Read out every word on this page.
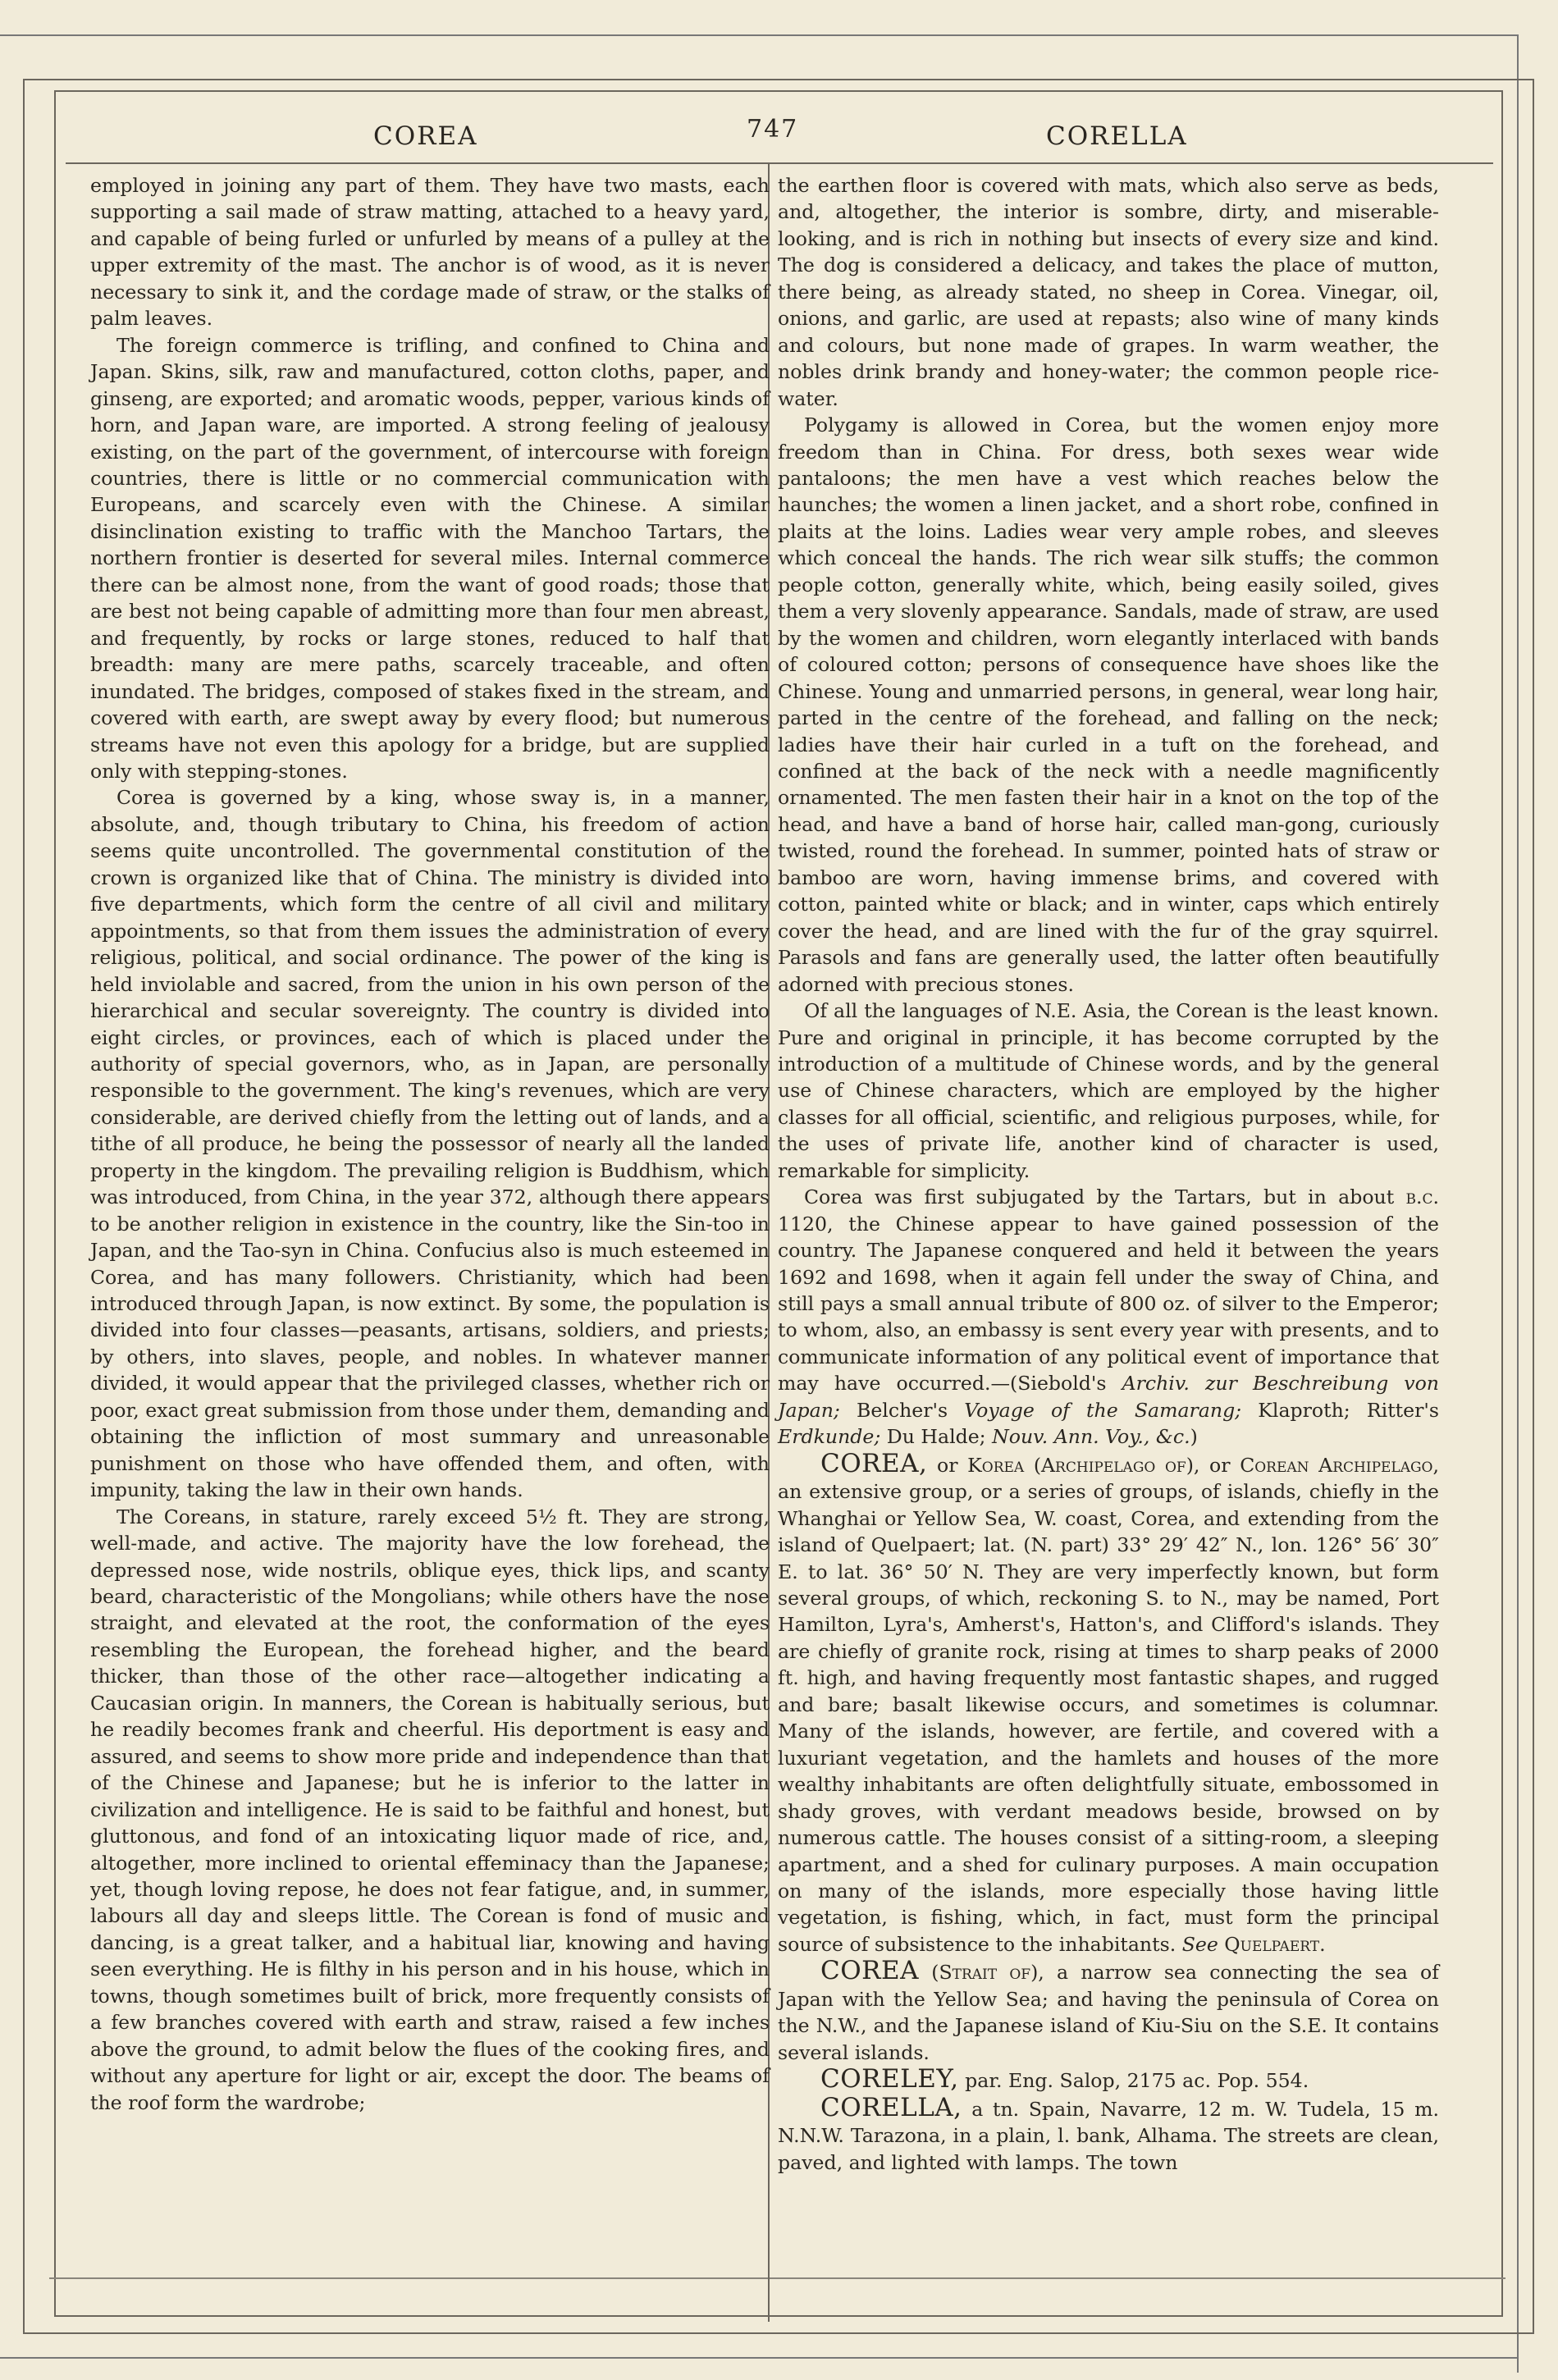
COREA	747	CORELLA

employed in joining any part of them. They have two masts, each supporting a sail made of straw matting, attached to a heavy yard, and capable of being furled or unfurled by means of a pulley at the upper extremity of the mast. The anchor is of wood, as it is never necessary to sink it, and the cordage made of straw, or the stalks of palm leaves.

The foreign commerce is trifling, and confined to China and Japan. Skins, silk, raw and manufactured, cotton cloths, paper, and ginseng, are exported; and aromatic woods, pepper, various kinds of horn, and Japan ware, are imported. A strong feeling of jealousy existing, on the part of the government, of intercourse with foreign countries, there is little or no commercial communication with Europeans, and scarcely even with the Chinese. A similar disinclination existing to traffic with the Manchoo Tartars, the northern frontier is deserted for several miles. Internal commerce there can be almost none, from the want of good roads; those that are best not being capable of admitting more than four men abreast, and frequently, by rocks or large stones, reduced to half that breadth: many are mere paths, scarcely traceable, and often inundated. The bridges, composed of stakes fixed in the stream, and covered with earth, are swept away by every flood; but numerous streams have not even this apology for a bridge, but are supplied only with stepping-stones.

Corea is governed by a king, whose sway is, in a manner, absolute, and, though tributary to China, his freedom of action seems quite uncontrolled. The governmental constitution of the crown is organized like that of China. The ministry is divided into five departments, which form the centre of all civil and military appointments, so that from them issues the administration of every religious, political, and social ordinance. The power of the king is held inviolable and sacred, from the union in his own person of the hierarchical and secular sovereignty. The country is divided into eight circles, or provinces, each of which is placed under the authority of special governors, who, as in Japan, are personally responsible to the government. The king's revenues, which are very considerable, are derived chiefly from the letting out of lands, and a tithe of all produce, he being the possessor of nearly all the landed property in the kingdom. The prevailing religion is Buddhism, which was introduced, from China, in the year 372, although there appears to be another religion in existence in the country, like the Sin-too in Japan, and the Tao-syn in China. Confucius also is much esteemed in Corea, and has many followers. Christianity, which had been introduced through Japan, is now extinct. By some, the population is divided into four classes—peasants, artisans, soldiers, and priests; by others, into slaves, people, and nobles. In whatever manner divided, it would appear that the privileged classes, whether rich or poor, exact great submission from those under them, demanding and obtaining the infliction of most summary and unreasonable punishment on those who have offended them, and often, with impunity, taking the law in their own hands.

The Coreans, in stature, rarely exceed 5½ ft. They are strong, well-made, and active. The majority have the low forehead, the depressed nose, wide nostrils, oblique eyes, thick lips, and scanty beard, characteristic of the Mongolians; while others have the nose straight, and elevated at the root, the conformation of the eyes resembling the European, the forehead higher, and the beard thicker, than those of the other race—altogether indicating a Caucasian origin. In manners, the Corean is habitually serious, but he readily becomes frank and cheerful. His deportment is easy and assured, and seems to show more pride and independence than that of the Chinese and Japanese; but he is inferior to the latter in civilization and intelligence. He is said to be faithful and honest, but gluttonous, and fond of an intoxicating liquor made of rice, and, altogether, more inclined to oriental effeminacy than the Japanese; yet, though loving repose, he does not fear fatigue, and, in summer, labours all day and sleeps little. The Corean is fond of music and dancing, is a great talker, and a habitual liar, knowing and having seen everything. He is filthy in his person and in his house, which in towns, though sometimes built of brick, more frequently consists of a few branches covered with earth and straw, raised a few inches above the ground, to admit below the flues of the cooking fires, and without any aperture for light or air, except the door. The beams of the roof form the wardrobe;

the earthen floor is covered with mats, which also serve as beds, and, altogether, the interior is sombre, dirty, and miserable-looking, and is rich in nothing but insects of every size and kind. The dog is considered a delicacy, and takes the place of mutton, there being, as already stated, no sheep in Corea. Vinegar, oil, onions, and garlic, are used at repasts; also wine of many kinds and colours, but none made of grapes. In warm weather, the nobles drink brandy and honey-water; the common people rice-water.

Polygamy is allowed in Corea, but the women enjoy more freedom than in China. For dress, both sexes wear wide pantaloons; the men have a vest which reaches below the haunches; the women a linen jacket, and a short robe, confined in plaits at the loins. Ladies wear very ample robes, and sleeves which conceal the hands. The rich wear silk stuffs; the common people cotton, generally white, which, being easily soiled, gives them a very slovenly appearance. Sandals, made of straw, are used by the women and children, worn elegantly interlaced with bands of coloured cotton; persons of consequence have shoes like the Chinese. Young and unmarried persons, in general, wear long hair, parted in the centre of the forehead, and falling on the neck; ladies have their hair curled in a tuft on the forehead, and confined at the back of the neck with a needle magnificently ornamented. The men fasten their hair in a knot on the top of the head, and have a band of horse hair, called man-gong, curiously twisted, round the forehead. In summer, pointed hats of straw or bamboo are worn, having immense brims, and covered with cotton, painted white or black; and in winter, caps which entirely cover the head, and are lined with the fur of the gray squirrel. Parasols and fans are generally used, the latter often beautifully adorned with precious stones.

Of all the languages of N.E. Asia, the Corean is the least known. Pure and original in principle, it has become corrupted by the introduction of a multitude of Chinese words, and by the general use of Chinese characters, which are employed by the higher classes for all official, scientific, and religious purposes, while, for the uses of private life, another kind of character is used, remarkable for simplicity.

Corea was first subjugated by the Tartars, but in about b.c. 1120, the Chinese appear to have gained possession of the country. The Japanese conquered and held it between the years 1692 and 1698, when it again fell under the sway of China, and still pays a small annual tribute of 800 oz. of silver to the Emperor; to whom, also, an embassy is sent every year with presents, and to communicate information of any political event of importance that may have occurred.—(Siebold's Archiv. zur Beschreibung von Japan; Belcher's Voyage of the Samarang; Klaproth; Ritter's Erdkunde; Du Halde; Nouv. Ann. Voy., &c.)

COREA, or Korea (Archipelago of), or Corean Archipelago, an extensive group, or a series of groups, of islands, chiefly in the Whanghai or Yellow Sea, W. coast, Corea, and extending from the island of Quelpaert; lat. (N. part) 33° 29′ 42″ N., lon. 126° 56′ 30″ E. to lat. 36° 50′ N. They are very imperfectly known, but form several groups, of which, reckoning S. to N., may be named, Port Hamilton, Lyra's, Amherst's, Hatton's, and Clifford's islands. They are chiefly of granite rock, rising at times to sharp peaks of 2000 ft. high, and having frequently most fantastic shapes, and rugged and bare; basalt likewise occurs, and sometimes is columnar. Many of the islands, however, are fertile, and covered with a luxuriant vegetation, and the hamlets and houses of the more wealthy inhabitants are often delightfully situate, embossomed in shady groves, with verdant meadows beside, browsed on by numerous cattle. The houses consist of a sitting-room, a sleeping apartment, and a shed for culinary purposes. A main occupation on many of the islands, more especially those having little vegetation, is fishing, which, in fact, must form the principal source of subsistence to the inhabitants. See Quelpaert.

COREA (Strait of), a narrow sea connecting the sea of Japan with the Yellow Sea; and having the peninsula of Corea on the N.W., and the Japanese island of Kiu-Siu on the S.E. It contains several islands.

CORELEY, par. Eng. Salop, 2175 ac. Pop. 554.

CORELLA, a tn. Spain, Navarre, 12 m. W. Tudela, 15 m. N.N.W. Tarazona, in a plain, l. bank, Alhama. The streets are clean, paved, and lighted with lamps. The town
